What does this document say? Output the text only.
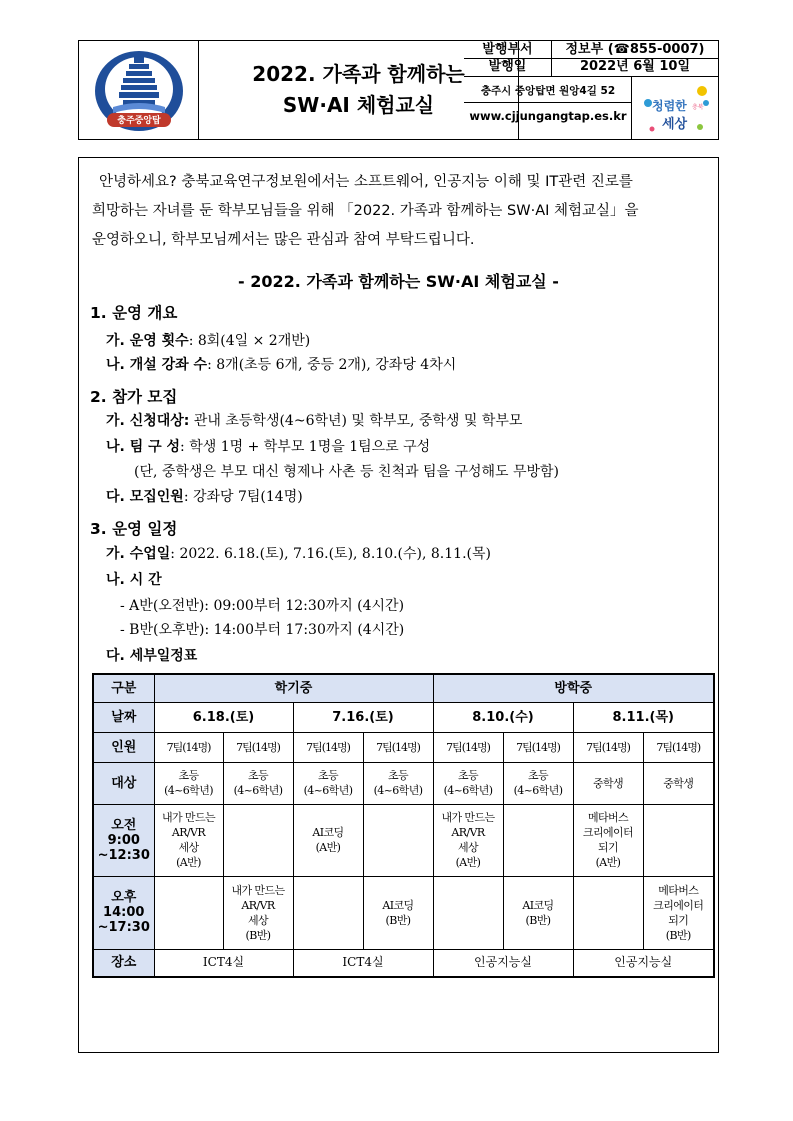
충주중앙탑
2022. 가족과 함께하는
SW·AI 체험교실
발행부서	정보부 (☎855-0007)
발행일	2022년 6월 10일
충주시 중앙탑면 원앙4길 52
www.cjjungangtap.es.kr
청렴한 충북
세상
안녕하세요? 충북교육연구정보원에서는 소프트웨어, 인공지능 이해 및 IT관련 진로를
희망하는 자녀를 둔 학부모님들을 위해 「2022. 가족과 함께하는 SW·AI 체험교실」을
운영하오니, 학부모님께서는 많은 관심과 참여 부탁드립니다.
- 2022. 가족과 함께하는 SW·AI 체험교실 -
1. 운영 개요
가. 운영 횟수: 8회(4일 × 2개반)
나. 개설 강좌 수: 8개(초등 6개, 중등 2개), 강좌당 4차시
2. 참가 모집
가. 신청대상: 관내 초등학생(4~6학년) 및 학부모, 중학생 및 학부모
나. 팀 구 성: 학생 1명 + 학부모 1명을 1팀으로 구성
(단, 중학생은 부모 대신 형제나 사촌 등 친척과 팀을 구성해도 무방함)
다. 모집인원: 강좌당 7팀(14명)
3. 운영 일정
가. 수업일: 2022. 6.18.(토), 7.16.(토), 8.10.(수), 8.11.(목)
나. 시 간
- A반(오전반): 09:00부터 12:30까지 (4시간)
- B반(오후반): 14:00부터 17:30까지 (4시간)
다. 세부일정표
구분	학기중				방학중			
날짜	6.18.(토)		7.16.(토)		8.10.(수)		8.11.(목)	
인원	7팀(14명)	7팀(14명)	7팀(14명)	7팀(14명)	7팀(14명)	7팀(14명)	7팀(14명)	7팀(14명)
대상	초등
(4~6학년)	초등
(4~6학년)	초등
(4~6학년)	초등
(4~6학년)	초등
(4~6학년)	초등
(4~6학년)	중학생	중학생
오전
9:00
~12:30	내가 만드는
AR/VR
세상
(A반)		AI코딩
(A반)		내가 만드는
AR/VR
세상
(A반)		메타버스
크리에이터
되기
(A반)	
오후
14:00
~17:30		내가 만드는
AR/VR
세상
(B반)		AI코딩
(B반)		AI코딩
(B반)		메타버스
크리에이터
되기
(B반)
장소	ICT4실		ICT4실		인공지능실		인공지능실	
